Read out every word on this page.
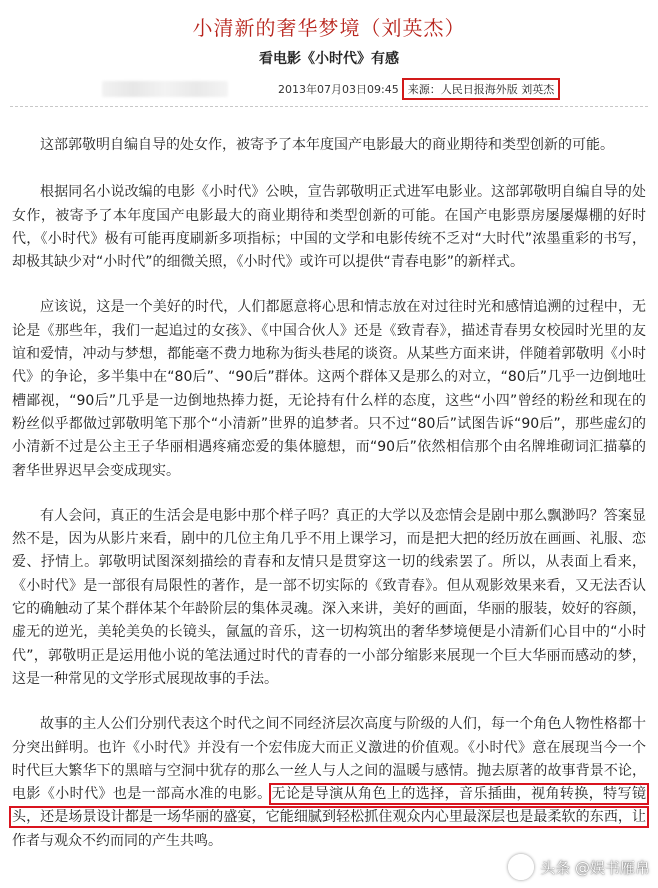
小清新的奢华梦境（刘英杰）
看电影《小时代》有感
2013年07月03日09:45 来源：人民日报海外版 刘英杰

这部郭敬明自编自导的处女作，被寄予了本年度国产电影最大的商业期待和类型创新的可能。

根据同名小说改编的电影《小时代》公映，宣告郭敬明正式进军电影业。这部郭敬明自编自导的处女作，被寄予了本年度国产电影最大的商业期待和类型创新的可能。在国产电影票房屡屡爆棚的好时代，《小时代》极有可能再度刷新多项指标；中国的文学和电影传统不乏对“大时代”浓墨重彩的书写，却极其缺少对“小时代”的细微关照，《小时代》或许可以提供“青春电影”的新样式。

应该说，这是一个美好的时代，人们都愿意将心思和情志放在对过往时光和感情追溯的过程中，无论是《那些年，我们一起追过的女孩》、《中国合伙人》还是《致青春》，描述青春男女校园时光里的友谊和爱情，冲动与梦想，都能毫不费力地称为街头巷尾的谈资。从某些方面来讲，伴随着郭敬明《小时代》的争论，多半集中在“80后”、“90后”群体。这两个群体又是那么的对立，“80后”几乎一边倒地吐槽鄙视，“90后”几乎是一边倒地热捧力挺，无论持有什么样的态度，这些“小四”曾经的粉丝和现在的粉丝似乎都做过郭敬明笔下那个“小清新”世界的追梦者。只不过“80后”试图告诉“90后”，那些虚幻的小清新不过是公主王子华丽相遇疼痛恋爱的集体臆想，而“90后”依然相信那个由名牌堆砌词汇描摹的奢华世界迟早会变成现实。

有人会问，真正的生活会是电影中那个样子吗？真正的大学以及恋情会是剧中那么飘渺吗？答案显然不是，因为从影片来看，剧中的几位主角几乎不用上课学习，而是把大把的经历放在画画、礼服、恋爱、抒情上。郭敬明试图深刻描绘的青春和友情只是贯穿这一切的线索罢了。所以，从表面上看来，《小时代》是一部很有局限性的著作，是一部不切实际的《致青春》。但从观影效果来看，又无法否认它的确触动了某个群体某个年龄阶层的集体灵魂。深入来讲，美好的画面，华丽的服装，姣好的容颜，虚无的逆光，美轮美奂的长镜头，氤氲的音乐，这一切构筑出的奢华梦境便是小清新们心目中的“小时代”，郭敬明正是运用他小说的笔法通过时代的青春的一小部分缩影来展现一个巨大华丽而感动的梦，这是一种常见的文学形式展现故事的手法。

故事的主人公们分别代表这个时代之间不同经济层次高度与阶级的人们，每一个角色人物性格都十分突出鲜明。也许《小时代》并没有一个宏伟庞大而正义激进的价值观。《小时代》意在展现当今一个时代巨大繁华下的黑暗与空洞中犹存的那么一丝人与人之间的温暖与感情。抛去原著的故事背景不论，电影《小时代》也是一部高水准的电影。无论是导演从角色上的选择，音乐插曲，视角转换，特写镜头，还是场景设计都是一场华丽的盛宴，它能细腻到轻松抓住观众内心里最深层也是最柔软的东西，让作者与观众不约而同的产生共鸣。

头条 @娱书雁帛
